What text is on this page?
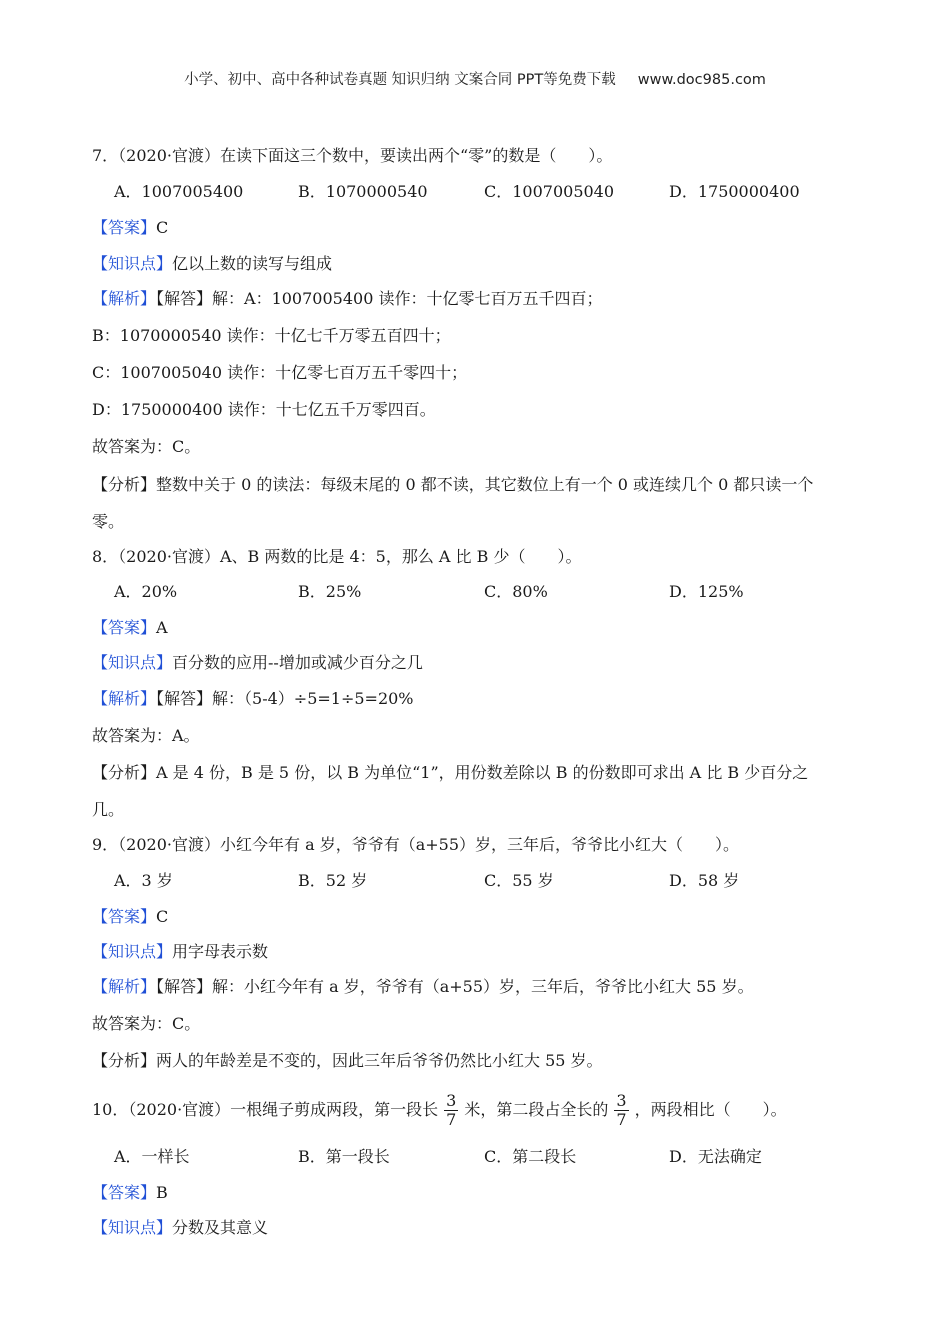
小学、初中、高中各种试卷真题 知识归纳 文案合同 PPT等免费下载 www.doc985.com
7．（2020·官渡）在读下面这三个数中，要读出两个“零”的数是（　　）。
A．1007005400	B．1070000540	C．1007005040	D．1750000400
【答案】C
【知识点】亿以上数的读写与组成
【解析】【解答】解：A：1007005400 读作：十亿零七百万五千四百；
B：1070000540 读作：十亿七千万零五百四十；
C：1007005040 读作：十亿零七百万五千零四十；
D：1750000400 读作：十七亿五千万零四百。
故答案为：C。
【分析】整数中关于 0 的读法：每级末尾的 0 都不读，其它数位上有一个 0 或连续几个 0 都只读一个
零。
8．（2020·官渡）A、B 两数的比是 4：5，那么 A 比 B 少（　　）。
A．20%	B．25%	C．80%	D．125%
【答案】A
【知识点】百分数的应用--增加或减少百分之几
【解析】【解答】解：（5-4）÷5=1÷5=20%
故答案为：A。
【分析】A 是 4 份，B 是 5 份，以 B 为单位“1”，用份数差除以 B 的份数即可求出 A 比 B 少百分之
几。
9．（2020·官渡）小红今年有 a 岁，爷爷有（a+55）岁，三年后，爷爷比小红大（　　）。
A．3 岁	B．52 岁	C．55 岁	D．58 岁
【答案】C
【知识点】用字母表示数
【解析】【解答】解：小红今年有 a 岁，爷爷有（a+55）岁，三年后，爷爷比小红大 55 岁。
故答案为：C。
【分析】两人的年龄差是不变的，因此三年后爷爷仍然比小红大 55 岁。
10．（2020·官渡）一根绳子剪成两段，第一段长 $\frac{3}{7}$ 米，第二段占全长的 $\frac{3}{7}$ ，两段相比（　　）。
A．一样长	B．第一段长	C．第二段长	D．无法确定
【答案】B
【知识点】分数及其意义
